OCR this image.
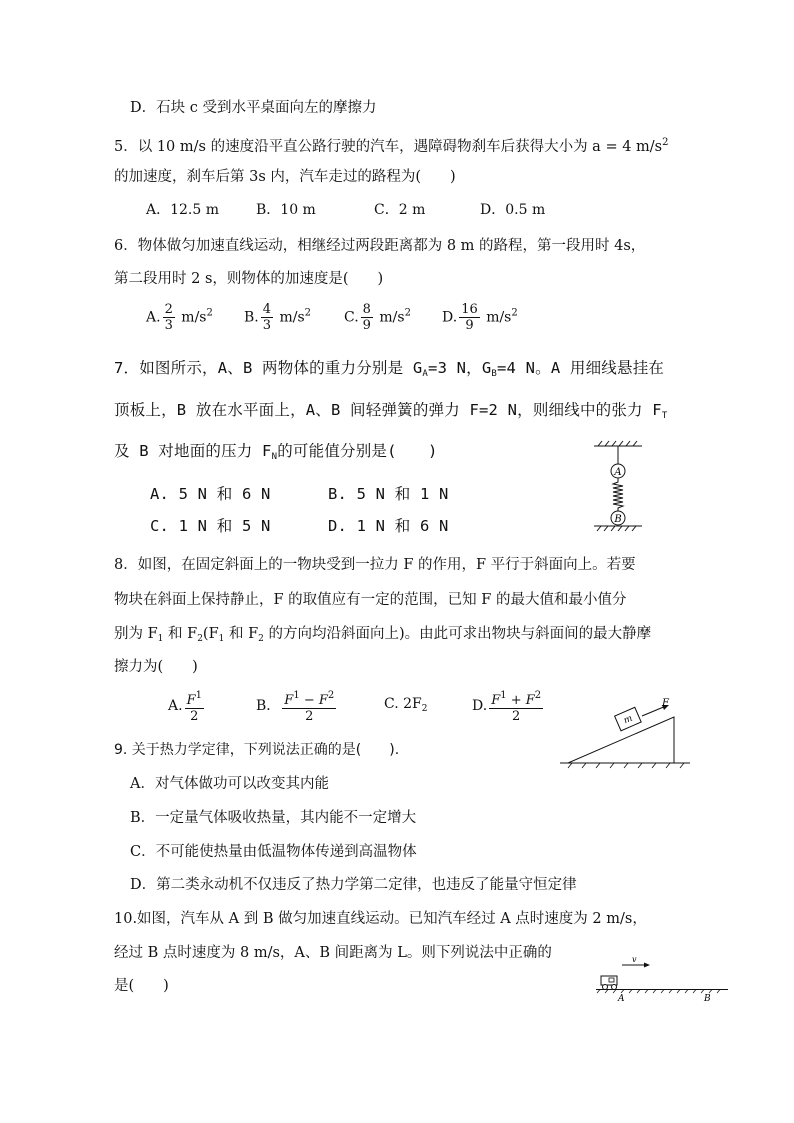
D．石块 c 受到水平桌面向左的摩擦力
5．以 10 m/s 的速度沿平直公路行驶的汽车，遇障碍物刹车后获得大小为 a = 4 $m/s^2$
的加速度，刹车后第 3s 内，汽车走过的路程为(　　)
A．12.5 m	B．10 m	C．2 m	D．0.5 m
6．物体做匀加速直线运动，相继经过两段距离都为 8 m 的路程，第一段用时 4s，
第二段用时 2 s，则物体的加速度是(　　)
A. $\frac{2}{3} m/s^2$ B. $\frac{4}{3} m/s^2$ C. $\frac{8}{9} m/s^2$ D. $\frac{16}{9} m/s^2$
7．如图所示，A、B 两物体的重力分别是 $G_A=3$ N，$G_B=4$ N。A 用细线悬挂在
顶板上，B 放在水平面上，A、B 间轻弹簧的弹力 F=2 N，则细线中的张力 $F_T$
及 B 对地面的压力 $F_N$的可能值分别是(　　)
A. 5 N 和 6 N	B. 5 N 和 1 N
C. 1 N 和 5 N	D. 1 N 和 6 N
A
B
8．如图，在固定斜面上的一物块受到一拉力 F 的作用，F 平行于斜面向上。若要
物块在斜面上保持静止，F 的取值应有一定的范围，已知 F 的最大值和最小值分
别为 $F_1$ 和 $F_2(F_1$ 和 $F_2$ 的方向均沿斜面向上)。由此可求出物块与斜面间的最大静摩
擦力为(　　)
A. $\frac{F^1}{2}$	B． $\frac{F^1 - F^2}{2}$	C. $2F_2$	D. $\frac{F^1 + F^2}{2}$	m
F
9. 关于热力学定律，下列说法正确的是(　　).
A．对气体做功可以改变其内能
B．一定量气体吸收热量，其内能不一定增大
C．不可能使热量由低温物体传递到高温物体
D．第二类永动机不仅违反了热力学第二定律，也违反了能量守恒定律
10.如图，汽车从 A 到 B 做匀加速直线运动。已知汽车经过 A 点时速度为 2 m/s，
经过 B 点时速度为 8 m/s，A、B 间距离为 L。则下列说法中正确的
是(　　)
v
A	B
